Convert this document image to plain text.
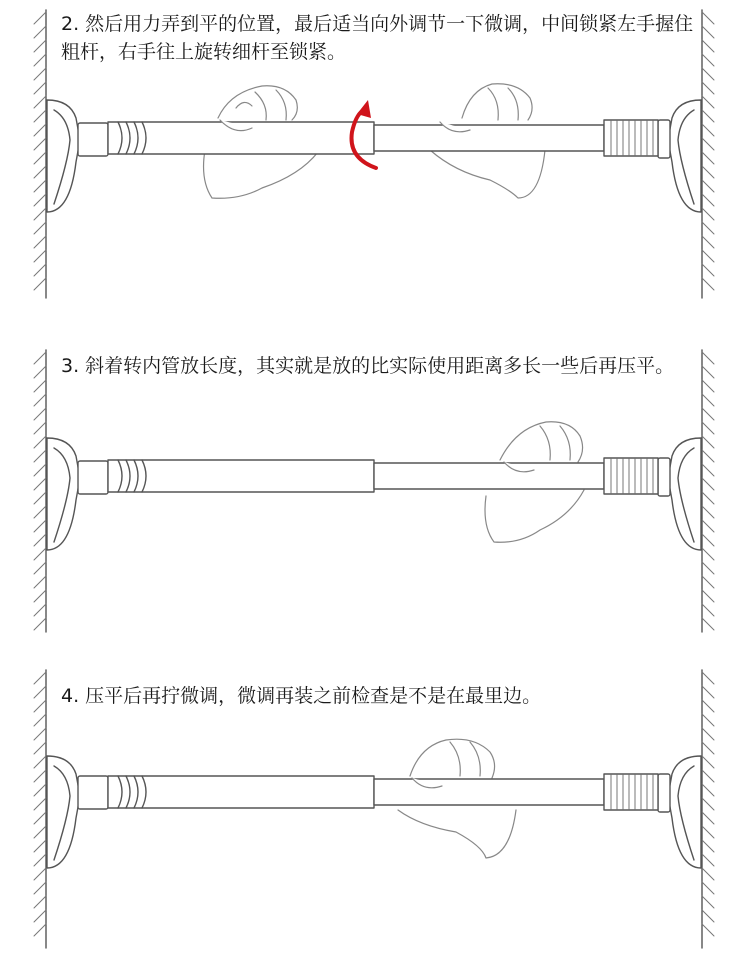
2. 然后用力弄到平的位置，最后适当向外调节一下微调，中间锁紧左手握住粗杆，右手往上旋转细杆至锁紧。

3. 斜着转内管放长度，其实就是放的比实际使用距离多长一些后再压平。

4. 压平后再拧微调，微调再装之前检查是不是在最里边。
